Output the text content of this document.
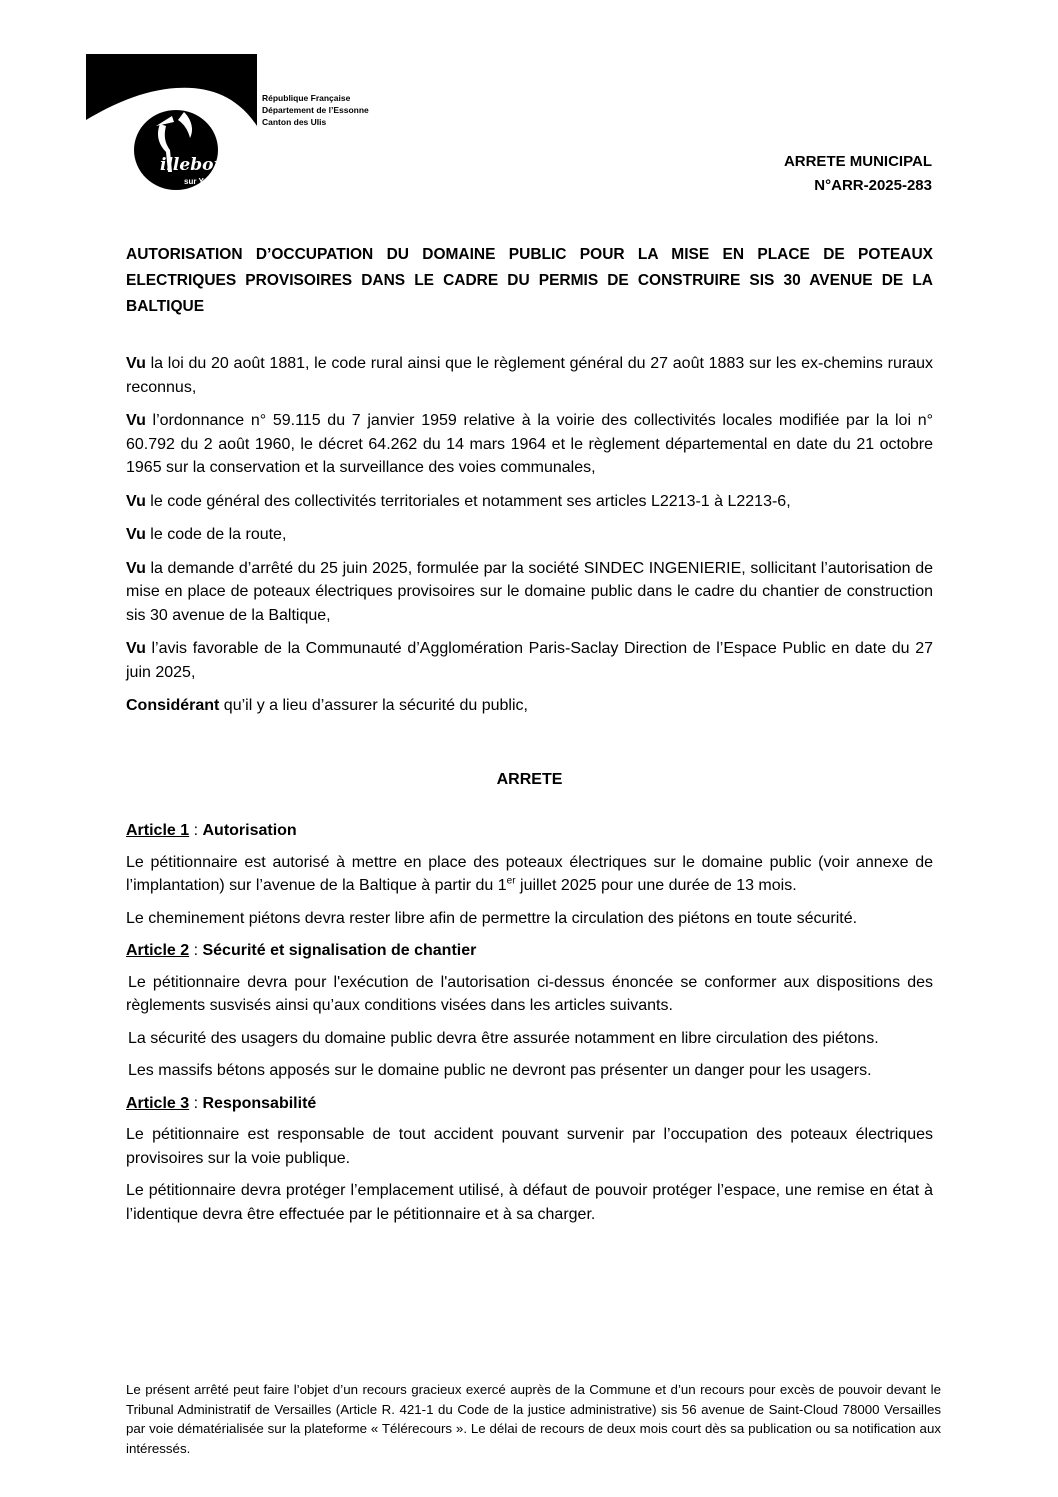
illebon
sur Yvette
République Française
Département de l’Essonne
Canton des Ulis
ARRETE MUNICIPAL
N°ARR-2025-283
AUTORISATION D’OCCUPATION DU DOMAINE PUBLIC POUR LA MISE EN PLACE DE POTEAUX ELECTRIQUES PROVISOIRES DANS LE CADRE DU PERMIS DE CONSTRUIRE SIS 30 AVENUE DE LA BALTIQUE

Vu la loi du 20 août 1881, le code rural ainsi que le règlement général du 27 août 1883 sur les ex-chemins ruraux reconnus,

Vu l’ordonnance n° 59.115 du 7 janvier 1959 relative à la voirie des collectivités locales modifiée par la loi n° 60.792 du 2 août 1960, le décret 64.262 du 14 mars 1964 et le règlement départemental en date du 21 octobre 1965 sur la conservation et la surveillance des voies communales,

Vu le code général des collectivités territoriales et notamment ses articles L2213-1 à L2213-6,

Vu le code de la route,

Vu la demande d’arrêté du 25 juin 2025, formulée par la société SINDEC INGENIERIE, sollicitant l’autorisation de mise en place de poteaux électriques provisoires sur le domaine public dans le cadre du chantier de construction sis 30 avenue de la Baltique,

Vu l’avis favorable de la Communauté d’Agglomération Paris-Saclay Direction de l’Espace Public en date du 27 juin 2025,

Considérant qu’il y a lieu d’assurer la sécurité du public,

ARRETE
Article 1 : Autorisation

Le pétitionnaire est autorisé à mettre en place des poteaux électriques sur le domaine public (voir annexe de l’implantation) sur l’avenue de la Baltique à partir du 1er juillet 2025 pour une durée de 13 mois.

Le cheminement piétons devra rester libre afin de permettre la circulation des piétons en toute sécurité.

Article 2 : Sécurité et signalisation de chantier

Le pétitionnaire devra pour l'exécution de l'autorisation ci-dessus énoncée se conformer aux dispositions des règlements susvisés ainsi qu’aux conditions visées dans les articles suivants.

La sécurité des usagers du domaine public devra être assurée notamment en libre circulation des piétons.

Les massifs bétons apposés sur le domaine public ne devront pas présenter un danger pour les usagers.

Article 3 : Responsabilité

Le pétitionnaire est responsable de tout accident pouvant survenir par l’occupation des poteaux électriques provisoires sur la voie publique.

Le pétitionnaire devra protéger l’emplacement utilisé, à défaut de pouvoir protéger l’espace, une remise en état à l’identique devra être effectuée par le pétitionnaire et à sa charger.

Le présent arrêté peut faire l’objet d’un recours gracieux exercé auprès de la Commune et d’un recours pour excès de pouvoir devant le Tribunal Administratif de Versailles (Article R. 421-1 du Code de la justice administrative) sis 56 avenue de Saint-Cloud 78000 Versailles par voie dématérialisée sur la plateforme « Télérecours ». Le délai de recours de deux mois court dès sa publication ou sa notification aux intéressés.
